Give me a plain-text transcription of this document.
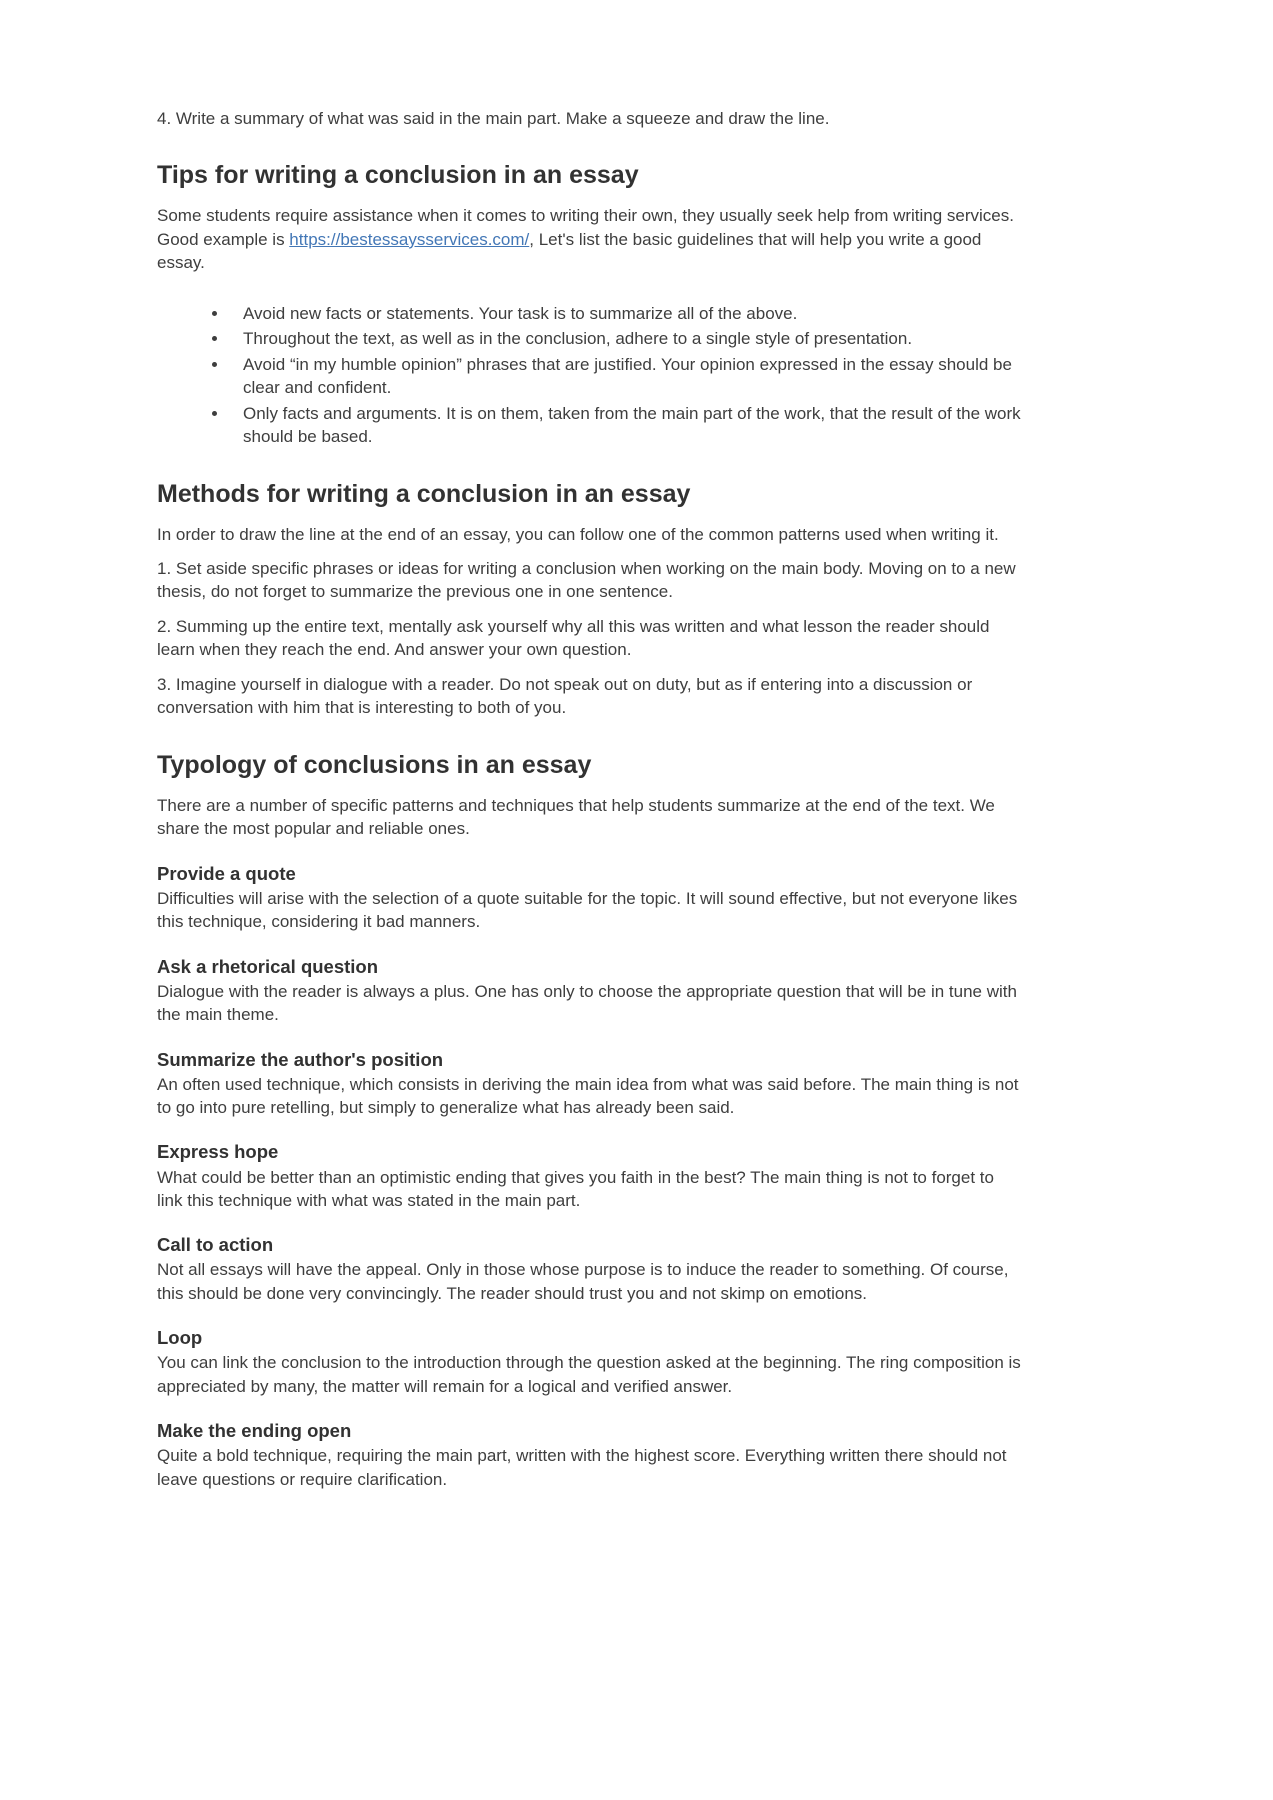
4. Write a summary of what was said in the main part. Make a squeeze and draw the line.

Tips for writing a conclusion in an essay

Some students require assistance when it comes to writing their own, they usually seek help from writing services. Good example is https://bestessaysservices.com/, Let's list the basic guidelines that will help you write a good essay.

• Avoid new facts or statements. Your task is to summarize all of the above.
• Throughout the text, as well as in the conclusion, adhere to a single style of presentation.
• Avoid “in my humble opinion” phrases that are justified. Your opinion expressed in the essay should be clear and confident.
• Only facts and arguments. It is on them, taken from the main part of the work, that the result of the work should be based.
Methods for writing a conclusion in an essay

In order to draw the line at the end of an essay, you can follow one of the common patterns used when writing it.

1. Set aside specific phrases or ideas for writing a conclusion when working on the main body. Moving on to a new thesis, do not forget to summarize the previous one in one sentence.

2. Summing up the entire text, mentally ask yourself why all this was written and what lesson the reader should learn when they reach the end. And answer your own question.

3. Imagine yourself in dialogue with a reader. Do not speak out on duty, but as if entering into a discussion or conversation with him that is interesting to both of you.

Typology of conclusions in an essay

There are a number of specific patterns and techniques that help students summarize at the end of the text. We share the most popular and reliable ones.

Provide a quote

Difficulties will arise with the selection of a quote suitable for the topic. It will sound effective, but not everyone likes this technique, considering it bad manners.

Ask a rhetorical question

Dialogue with the reader is always a plus. One has only to choose the appropriate question that will be in tune with the main theme.

Summarize the author's position

An often used technique, which consists in deriving the main idea from what was said before. The main thing is not to go into pure retelling, but simply to generalize what has already been said.

Express hope

What could be better than an optimistic ending that gives you faith in the best? The main thing is not to forget to link this technique with what was stated in the main part.

Call to action

Not all essays will have the appeal. Only in those whose purpose is to induce the reader to something. Of course, this should be done very convincingly. The reader should trust you and not skimp on emotions.

Loop

You can link the conclusion to the introduction through the question asked at the beginning. The ring composition is appreciated by many, the matter will remain for a logical and verified answer.

Make the ending open

Quite a bold technique, requiring the main part, written with the highest score. Everything written there should not leave questions or require clarification.
